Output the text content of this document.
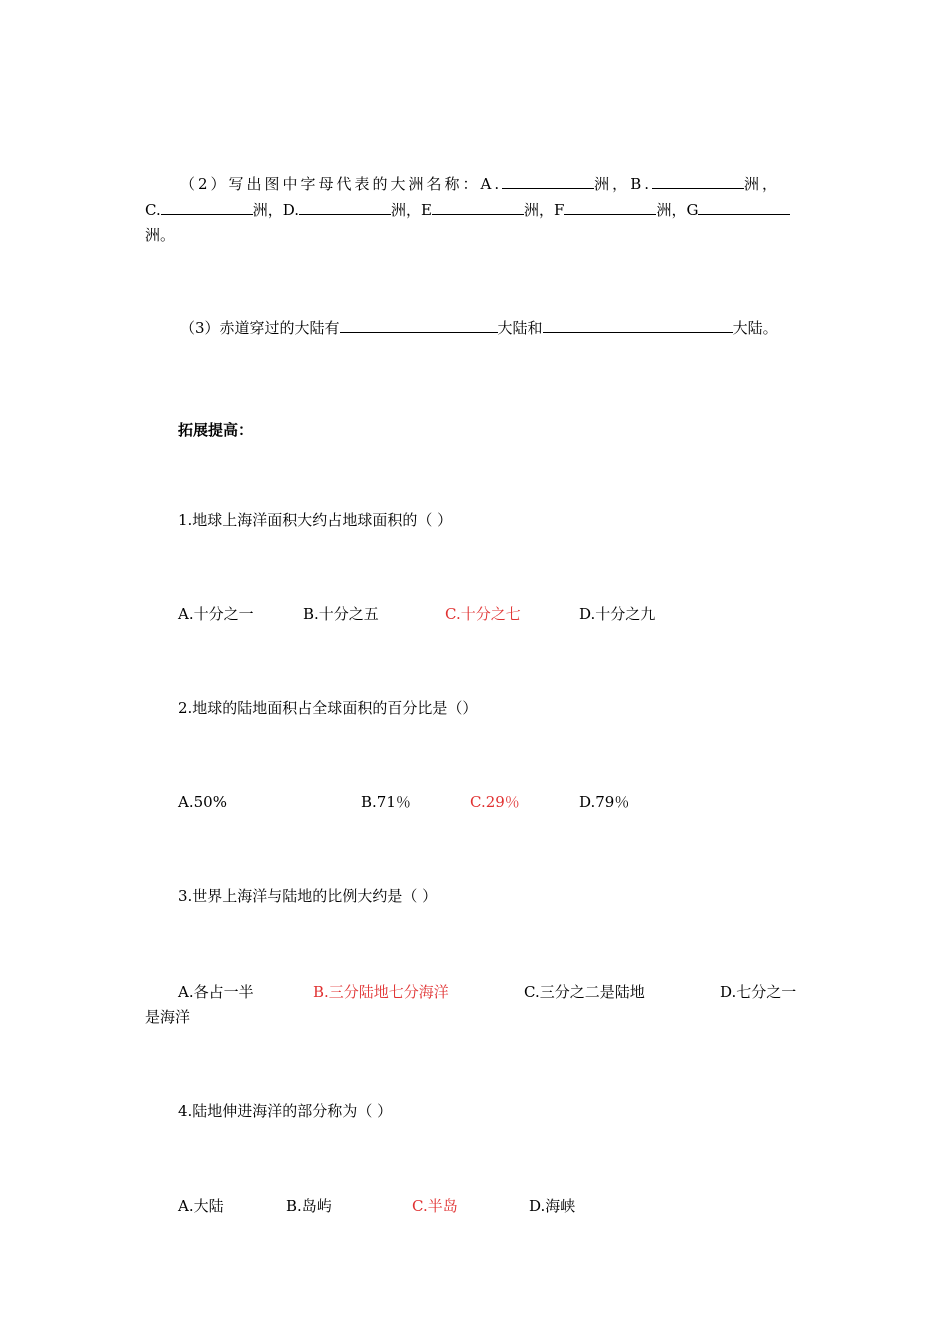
（2）写出图中字母代表的大洲名称：A.	洲，B.	洲，
C.	洲，D.	洲，E	洲，F	洲，G
洲。
（3）赤道穿过的大陆有	大陆和	大陆。
拓展提高：
1.地球上海洋面积大约占地球面积的（ ）
A.十分之一	B.十分之五	C.十分之七	D.十分之九
2.地球的陆地面积占全球面积的百分比是（）
A.50%	B.71％	C.29％	D.79％
3.世界上海洋与陆地的比例大约是（ ）
A.各占一半	B.三分陆地七分海洋	C.三分之二是陆地	D.七分之一
是海洋
4.陆地伸进海洋的部分称为（ ）
A.大陆	B.岛屿	C.半岛	D.海峡
